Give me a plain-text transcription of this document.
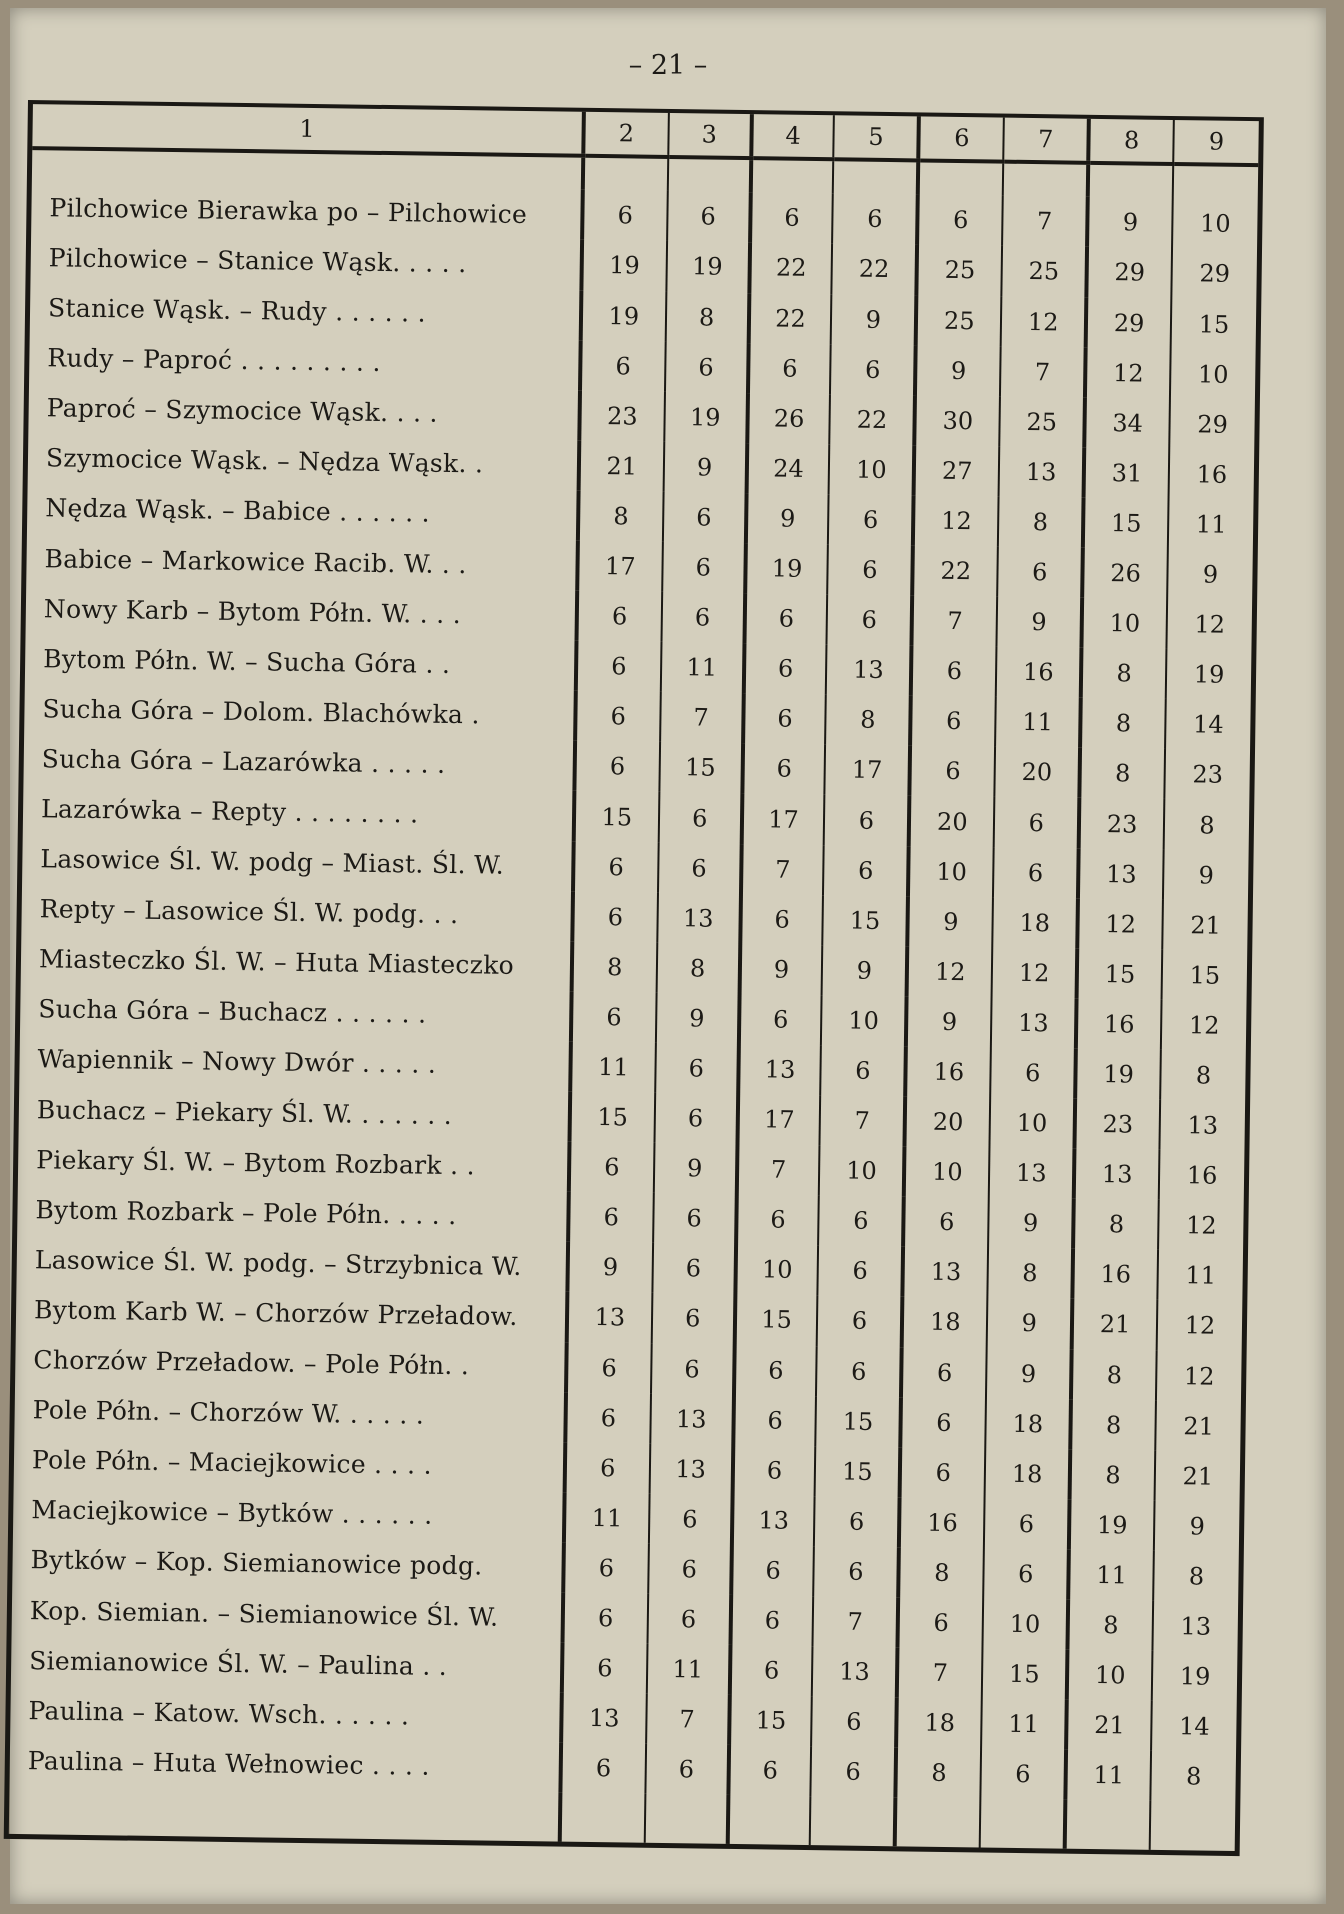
– 21 –
1	2	3	4	5	6	7	8	9

Pilchowice Bierawka po – Pilchowice	6	6	6	6	6	7	9	10
Pilchowice – Stanice Wąsk. . . . .	19	19	22	22	25	25	29	29
Stanice Wąsk. – Rudy . . . . . .	19	8	22	9	25	12	29	15
Rudy – Paproć . . . . . . . . .	6	6	6	6	9	7	12	10
Paproć – Szymocice Wąsk. . . .	23	19	26	22	30	25	34	29
Szymocice Wąsk. – Nędza Wąsk. .	21	9	24	10	27	13	31	16
Nędza Wąsk. – Babice . . . . . .	8	6	9	6	12	8	15	11
Babice – Markowice Racib. W. . .	17	6	19	6	22	6	26	9
Nowy Karb – Bytom Półn. W. . . .	6	6	6	6	7	9	10	12
Bytom Półn. W. – Sucha Góra . .	6	11	6	13	6	16	8	19
Sucha Góra – Dolom. Blachówka .	6	7	6	8	6	11	8	14
Sucha Góra – Lazarówka . . . . .	6	15	6	17	6	20	8	23
Lazarówka – Repty . . . . . . . .	15	6	17	6	20	6	23	8
Lasowice Śl. W. podg – Miast. Śl. W.	6	6	7	6	10	6	13	9
Repty – Lasowice Śl. W. podg. . .	6	13	6	15	9	18	12	21
Miasteczko Śl. W. – Huta Miasteczko	8	8	9	9	12	12	15	15
Sucha Góra – Buchacz . . . . . .	6	9	6	10	9	13	16	12
Wapiennik – Nowy Dwór . . . . .	11	6	13	6	16	6	19	8
Buchacz – Piekary Śl. W. . . . . . .	15	6	17	7	20	10	23	13
Piekary Śl. W. – Bytom Rozbark . .	6	9	7	10	10	13	13	16
Bytom Rozbark – Pole Półn. . . . .	6	6	6	6	6	9	8	12
Lasowice Śl. W. podg. – Strzybnica W.	9	6	10	6	13	8	16	11
Bytom Karb W. – Chorzów Przeładow.	13	6	15	6	18	9	21	12
Chorzów Przeładow. – Pole Półn. .	6	6	6	6	6	9	8	12
Pole Półn. – Chorzów W. . . . . .	6	13	6	15	6	18	8	21
Pole Półn. – Maciejkowice . . . .	6	13	6	15	6	18	8	21
Maciejkowice – Bytków . . . . . .	11	6	13	6	16	6	19	9
Bytków – Kop. Siemianowice podg.	6	6	6	6	8	6	11	8
Kop. Siemian. – Siemianowice Śl. W.	6	6	6	7	6	10	8	13
Siemianowice Śl. W. – Paulina . .	6	11	6	13	7	15	10	19
Paulina – Katow. Wsch. . . . . .	13	7	15	6	18	11	21	14
Paulina – Huta Wełnowiec . . . .	6	6	6	6	8	6	11	8
